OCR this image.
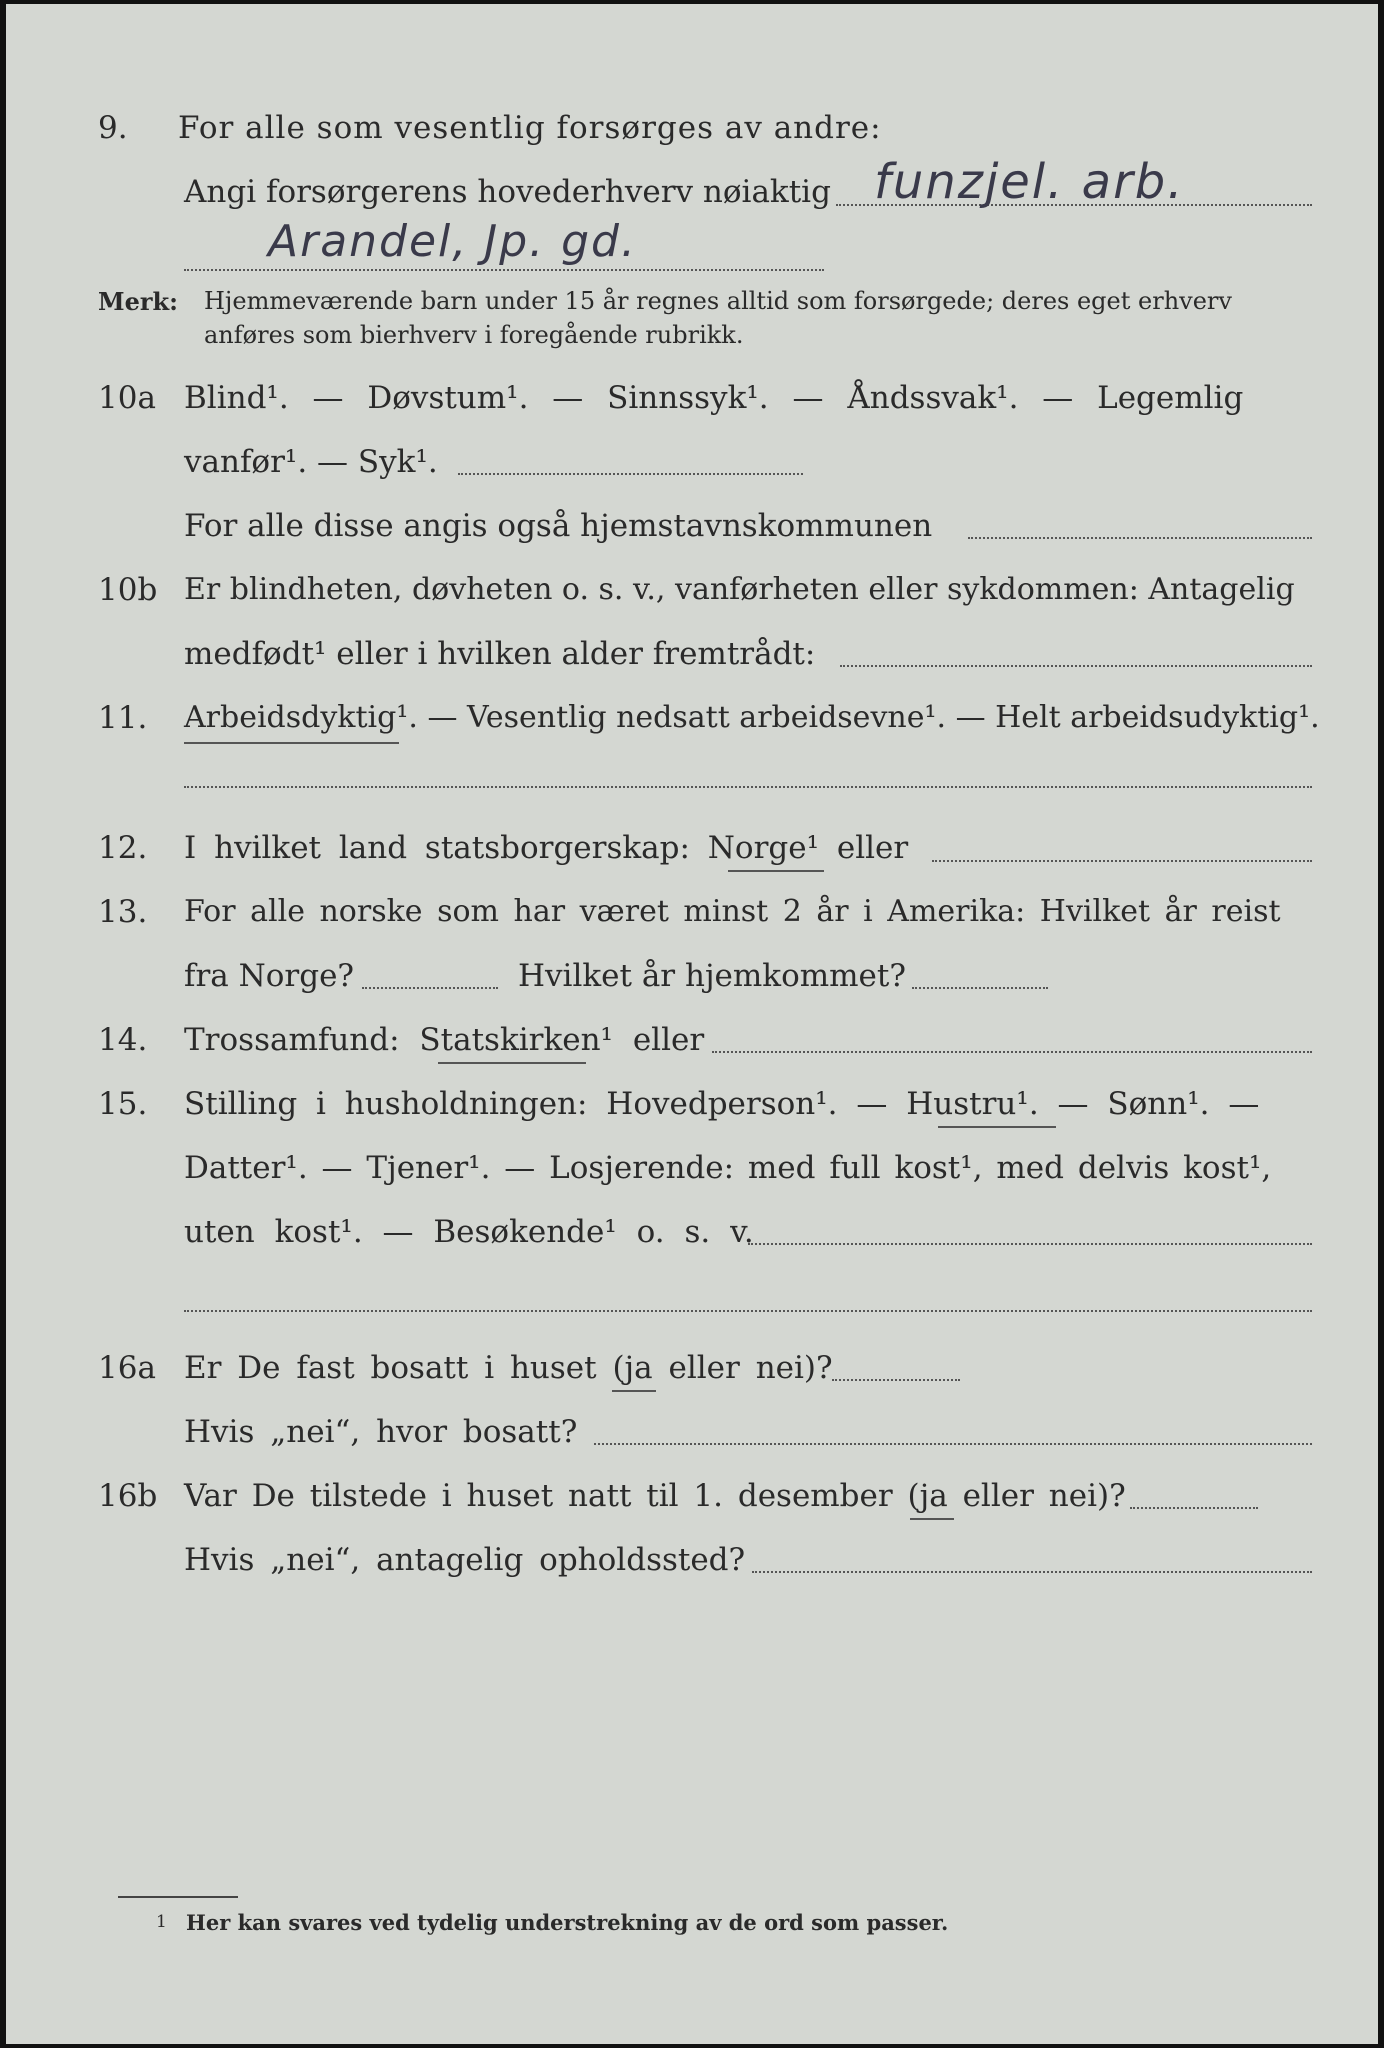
9. For alle som vesentlig forsørges av andre:
Angi forsørgerens hovederhverv nøiaktig funzjel. arb.
Arandel, Jp. gd.
Merk: Hjemmeværende barn under 15 år regnes alltid som forsørgede; deres eget erhverv
anføres som bierhverv i foregående rubrikk.
10a Blind¹. — Døvstum¹. — Sinnssyk¹. — Åndssvak¹. — Legemlig
vanfør¹. — Syk¹.
For alle disse angis også hjemstavnskommunen
10b Er blindheten, døvheten o. s. v., vanførheten eller sykdommen: Antagelig
medfødt¹ eller i hvilken alder fremtrådt:
11. Arbeidsdyktig¹. — Vesentlig nedsatt arbeidsevne¹. — Helt arbeidsudyktig¹.
12. I hvilket land statsborgerskap: Norge¹ eller
13. For alle norske som har været minst 2 år i Amerika: Hvilket år reist
fra Norge?	Hvilket år hjemkommet?
14. Trossamfund: Statskirken¹ eller
15. Stilling i husholdningen: Hovedperson¹. — Hustru¹. — Sønn¹. —
Datter¹. — Tjener¹. — Losjerende: med full kost¹, med delvis kost¹,
uten kost¹. — Besøkende¹ o. s. v.
16a Er De fast bosatt i huset (ja eller nei)?
Hvis „nei“, hvor bosatt?
16b Var De tilstede i huset natt til 1. desember (ja eller nei)?
Hvis „nei“, antagelig opholdssted?
1 Her kan svares ved tydelig understrekning av de ord som passer.
